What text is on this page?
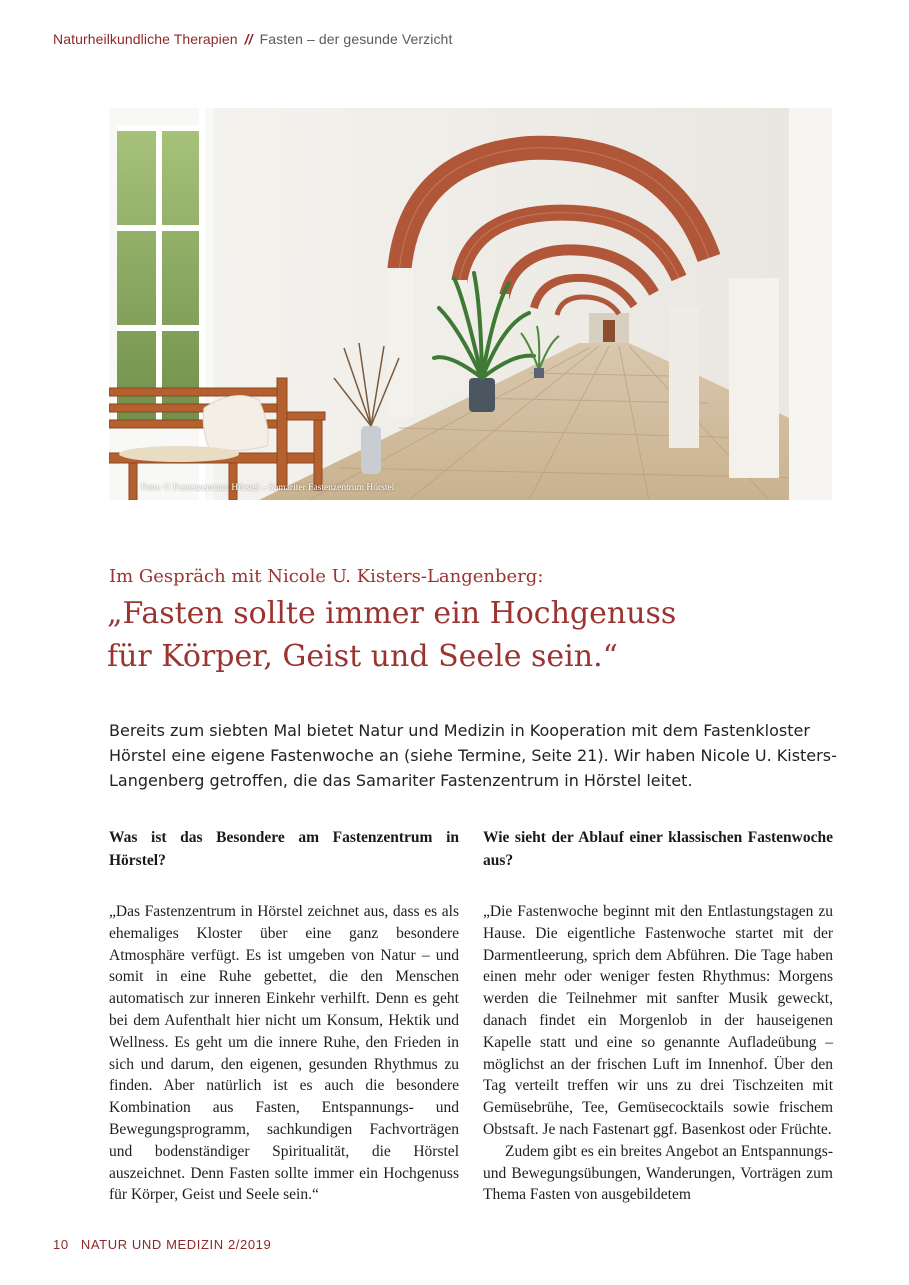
Naturheilkundliche Therapien // Fasten – der gesunde Verzicht
Foto: © Fastenzentrum Hörstel – Samariter Fastenzentrum Hörstel
Im Gespräch mit Nicole U. Kisters-Langenberg:
„Fasten sollte immer ein Hochgenuss
für Körper, Geist und Seele sein.“

Bereits zum siebten Mal bietet Natur und Medizin in Kooperation mit dem Fastenkloster Hörstel eine eigene Fastenwoche an (siehe Termine, Seite 21). Wir haben Nicole U. Kisters-Langenberg getroffen, die das Samariter Fastenzentrum in Hörstel leitet.

Was ist das Besondere am Fastenzentrum in Hörstel?

„Das Fastenzentrum in Hörstel zeichnet aus, dass es als ehemaliges Kloster über eine ganz besondere Atmosphäre verfügt. Es ist umgeben von Natur – und somit in eine Ruhe gebettet, die den Menschen automatisch zur inneren Einkehr verhilft. Denn es geht bei dem Aufenthalt hier nicht um Konsum, Hektik und Wellness. Es geht um die innere Ruhe, den Frieden in sich und darum, den eigenen, gesunden Rhythmus zu finden. Aber natürlich ist es auch die besondere Kombination aus Fasten, Entspannungs- und Bewegungsprogramm, sachkundigen Fachvorträgen und bodenständiger Spiritualität, die Hörstel auszeichnet. Denn Fasten sollte immer ein Hochgenuss für Körper, Geist und Seele sein.“

Wie sieht der Ablauf einer klassischen Fastenwoche aus?

„Die Fastenwoche beginnt mit den Entlastungstagen zu Hause. Die eigentliche Fastenwoche startet mit der Darmentleerung, sprich dem Abführen. Die Tage haben einen mehr oder weniger festen Rhythmus: Morgens werden die Teilnehmer mit sanfter Musik geweckt, danach findet ein Morgenlob in der hauseigenen Kapelle statt und eine so genannte Aufladeübung – möglichst an der frischen Luft im Innenhof. Über den Tag verteilt treffen wir uns zu drei Tischzeiten mit Gemüsebrühe, Tee, Gemüsecocktails sowie frischem Obstsaft. Je nach Fastenart ggf. Basenkost oder Früchte.

Zudem gibt es ein breites Angebot an Entspannungs- und Bewegungsübungen, Wanderungen, Vorträgen zum Thema Fasten von ausgebildetem

10 NATUR UND MEDIZIN 2/2019
